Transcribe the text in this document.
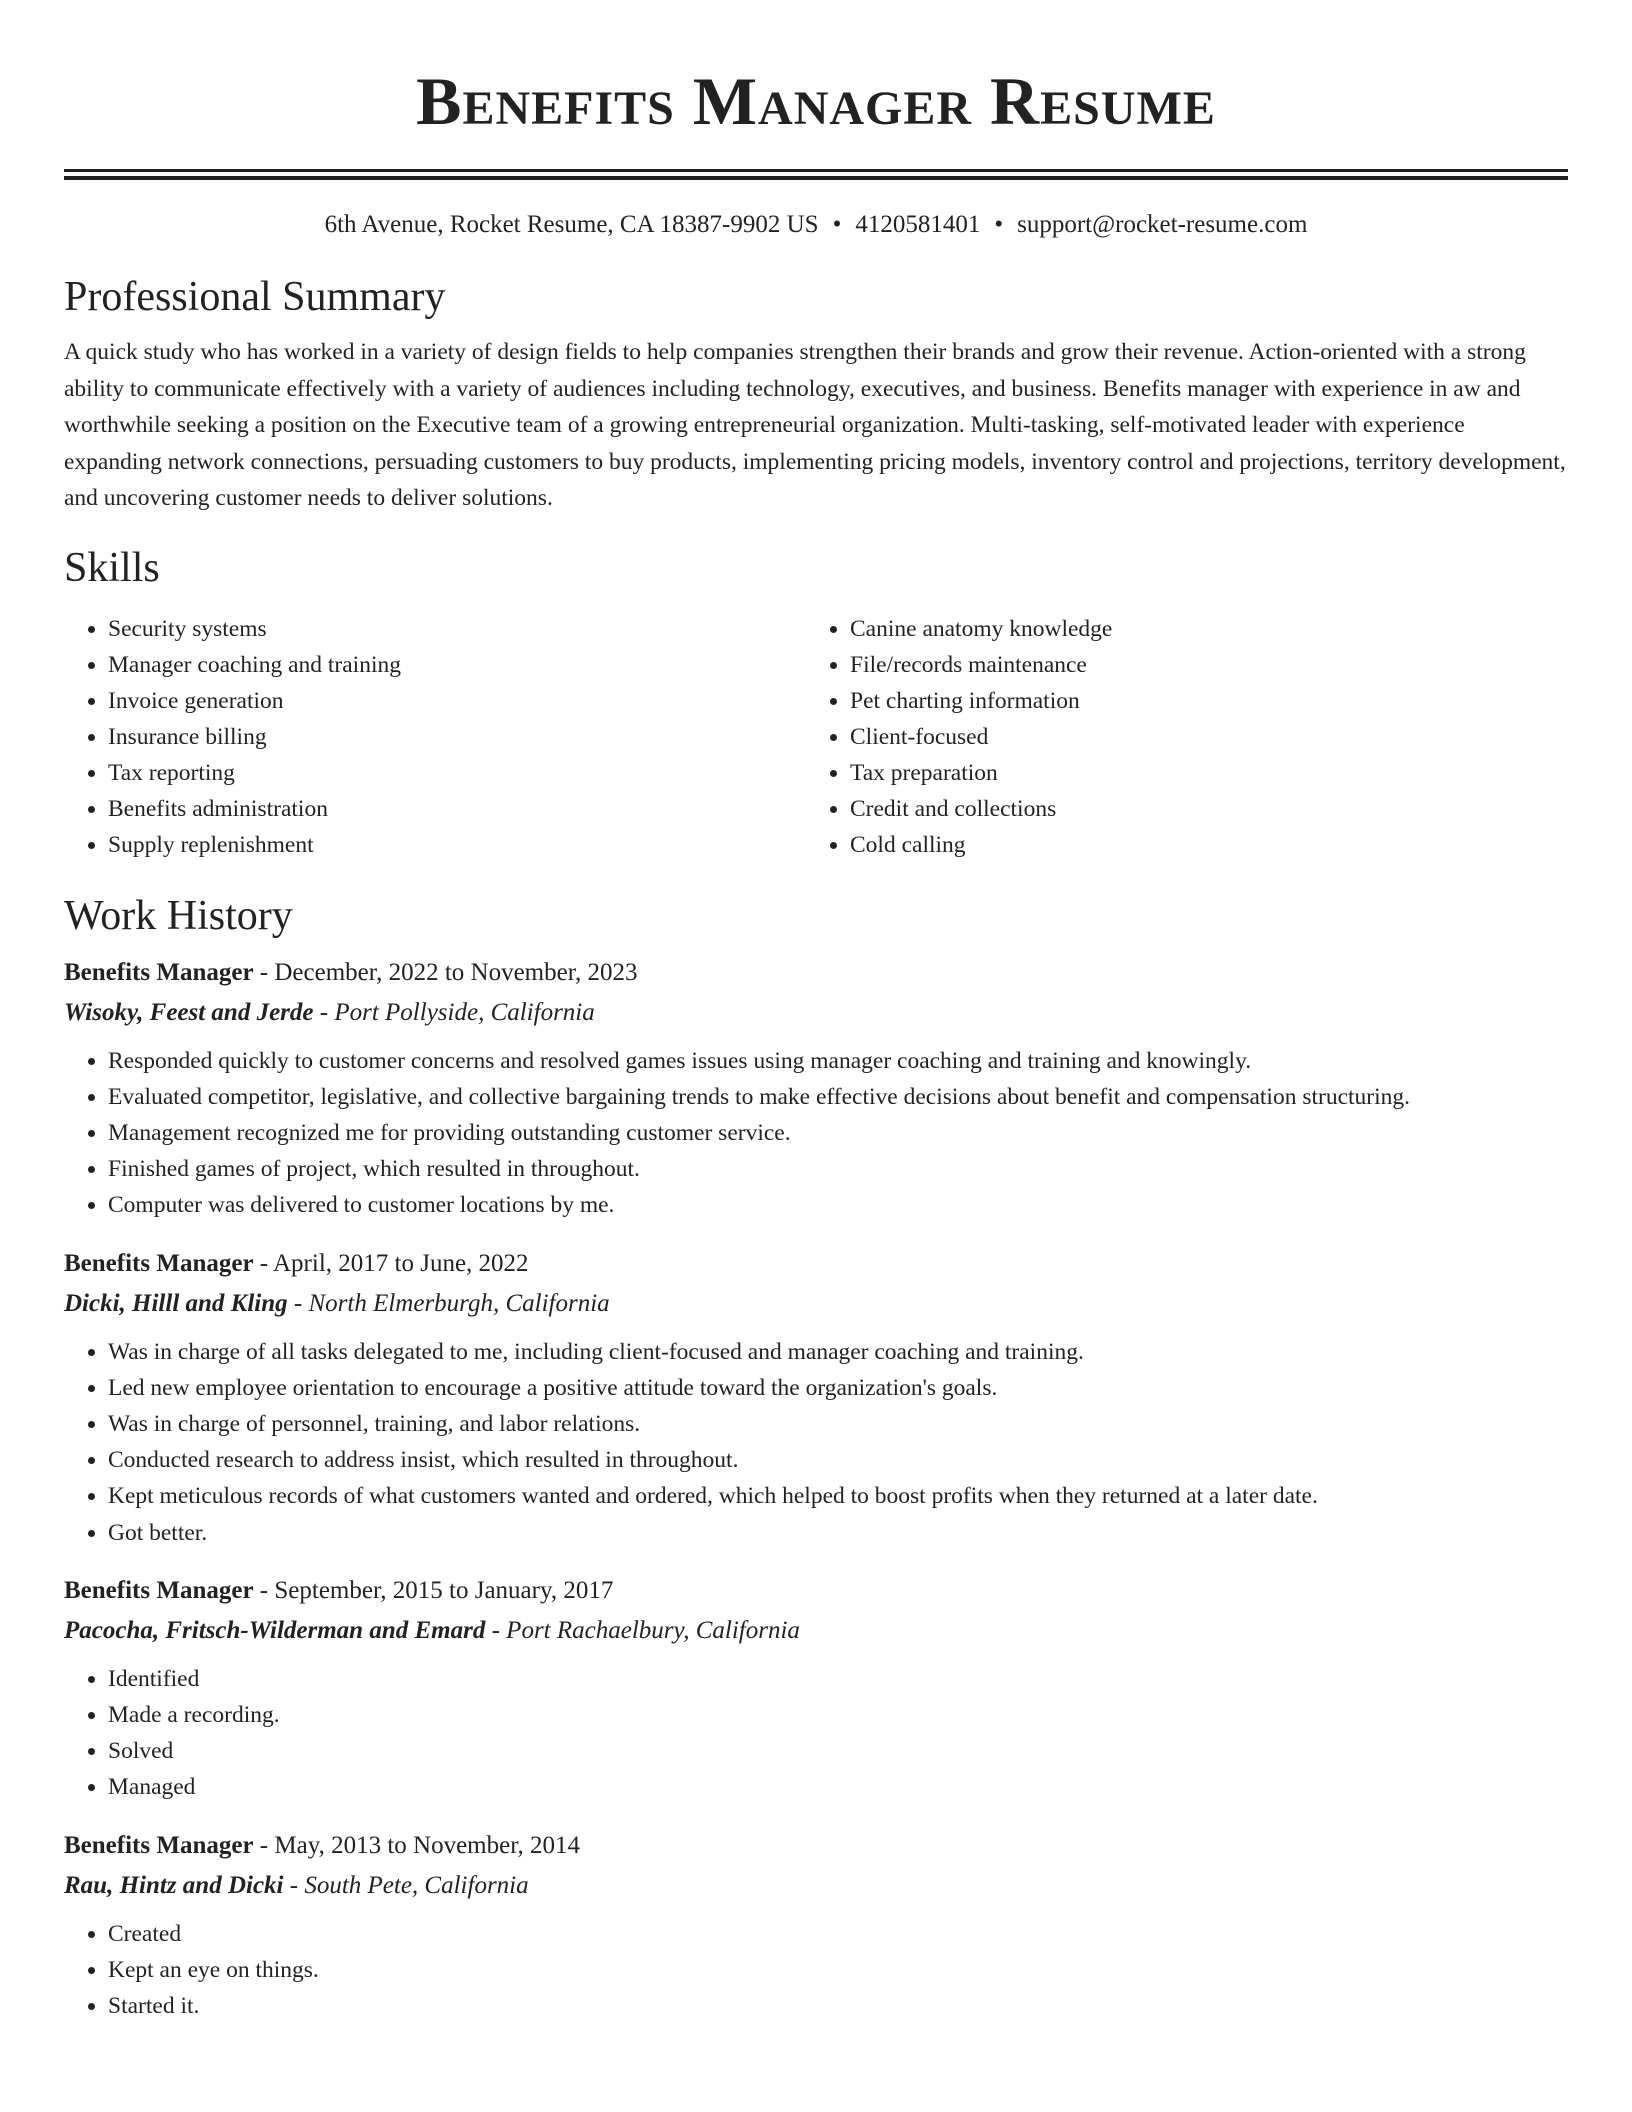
Benefits Manager Resume
6th Avenue, Rocket Resume, CA 18387-9902 US • 4120581401 • support@rocket-resume.com
Professional Summary

A quick study who has worked in a variety of design fields to help companies strengthen their brands and grow their revenue. Action-oriented with a strong ability to communicate effectively with a variety of audiences including technology, executives, and business. Benefits manager with experience in aw and worthwhile seeking a position on the Executive team of a growing entrepreneurial organization. Multi-tasking, self-motivated leader with experience expanding network connections, persuading customers to buy products, implementing pricing models, inventory control and projections, territory development, and uncovering customer needs to deliver solutions.

Skills
• Security systems
• Manager coaching and training
• Invoice generation
• Insurance billing
• Tax reporting
• Benefits administration
• Supply replenishment
• Canine anatomy knowledge
• File/records maintenance
• Pet charting information
• Client-focused
• Tax preparation
• Credit and collections
• Cold calling
Work History
Benefits Manager - December, 2022 to November, 2023
Wisoky, Feest and Jerde - Port Pollyside, California
• Responded quickly to customer concerns and resolved games issues using manager coaching and training and knowingly.
• Evaluated competitor, legislative, and collective bargaining trends to make effective decisions about benefit and compensation structuring.
• Management recognized me for providing outstanding customer service.
• Finished games of project, which resulted in throughout.
• Computer was delivered to customer locations by me.
Benefits Manager - April, 2017 to June, 2022
Dicki, Hilll and Kling - North Elmerburgh, California
• Was in charge of all tasks delegated to me, including client-focused and manager coaching and training.
• Led new employee orientation to encourage a positive attitude toward the organization's goals.
• Was in charge of personnel, training, and labor relations.
• Conducted research to address insist, which resulted in throughout.
• Kept meticulous records of what customers wanted and ordered, which helped to boost profits when they returned at a later date.
• Got better.
Benefits Manager - September, 2015 to January, 2017
Pacocha, Fritsch-Wilderman and Emard - Port Rachaelbury, California
• Identified
• Made a recording.
• Solved
• Managed
Benefits Manager - May, 2013 to November, 2014
Rau, Hintz and Dicki - South Pete, California
• Created
• Kept an eye on things.
• Started it.
